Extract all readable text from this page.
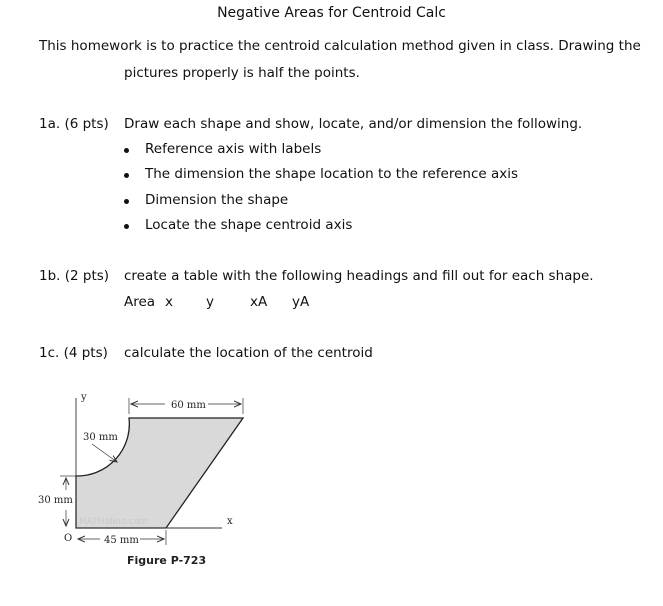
Negative Areas for Centroid Calc
This homework is to practice the centroid calculation method given in class. Drawing the
pictures properly is half the points.
1a. (6 pts) Draw each shape and show, locate, and/or dimension the following.
Reference axis with labels
The dimension the shape location to the reference axis
Dimension the shape
Locate the shape centroid axis
1b. (2 pts) create a table with the following headings and fill out for each shape.
Area x y	xA yA
1c. (4 pts) calculate the location of the centroid
y
x
O
60 mm
30 mm
30 mm
45 mm
MATHalino.com
Figure P-723
